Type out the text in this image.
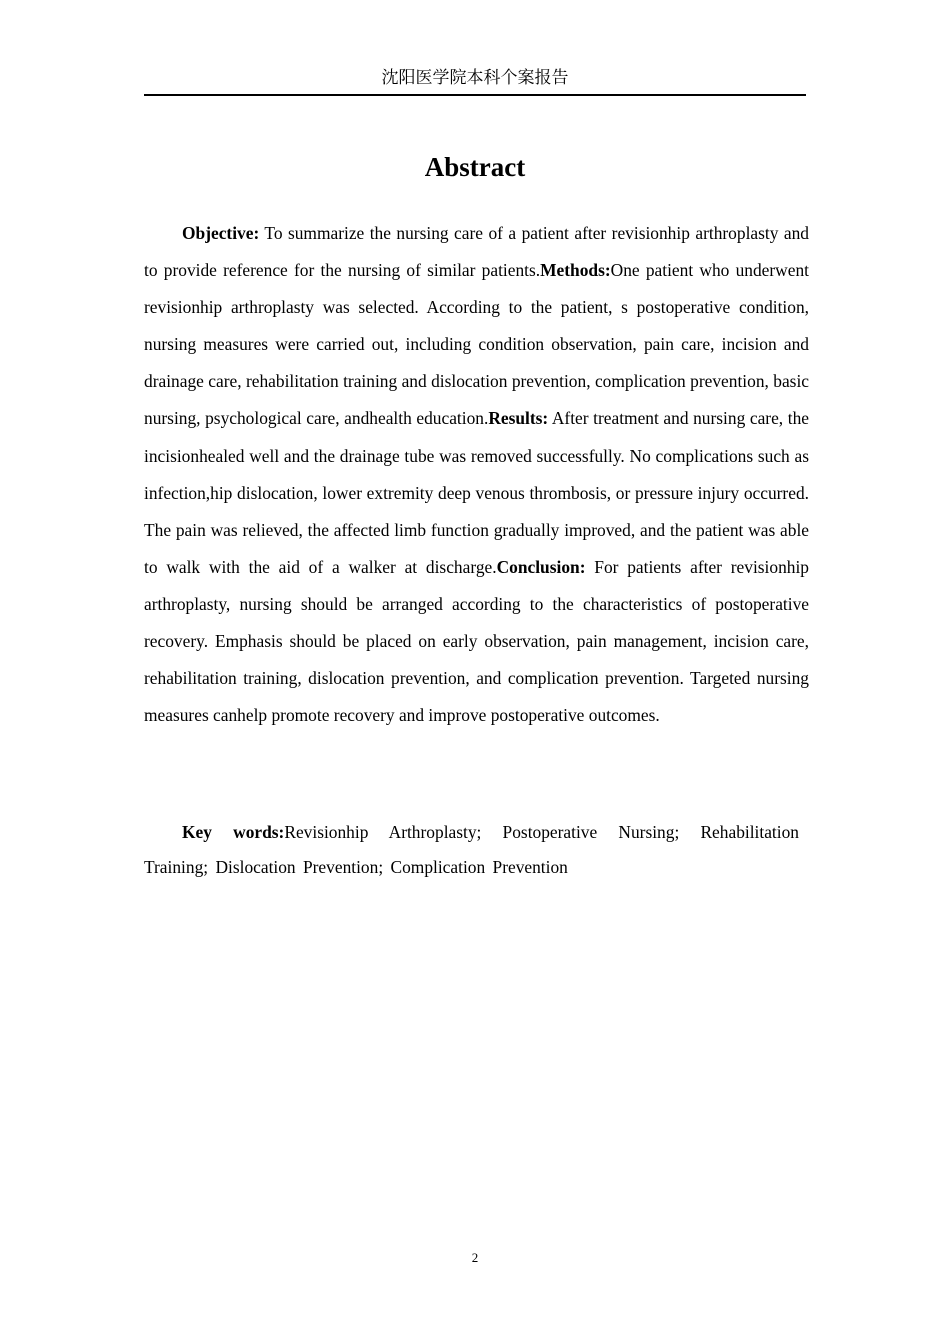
沈阳医学院本科个案报告
Abstract

Objective: To summarize the nursing care of a patient after revisionhip arthroplasty and to provide reference for the nursing of similar patients.Methods:One patient who underwent revisionhip arthroplasty was selected. According to the patient, s postoperative condition, nursing measures were carried out, including condition observation, pain care, incision and drainage care, rehabilitation training and dislocation prevention, complication prevention, basic nursing, psychological care, andhealth education.Results: After treatment and nursing care, the incisionhealed well and the drainage tube was removed successfully. No complications such as infection,hip dislocation, lower extremity deep venous thrombosis, or pressure injury occurred. The pain was relieved, the affected limb function gradually improved, and the patient was able to walk with the aid of a walker at discharge.Conclusion: For patients after revisionhip arthroplasty, nursing should be arranged according to the characteristics of postoperative recovery. Emphasis should be placed on early observation, pain management, incision care, rehabilitation training, dislocation prevention, and complication prevention. Targeted nursing measures canhelp promote recovery and improve postoperative outcomes.

Key words:Revisionhip Arthroplasty; Postoperative Nursing; Rehabilitation Training; Dislocation Prevention; Complication Prevention

2
